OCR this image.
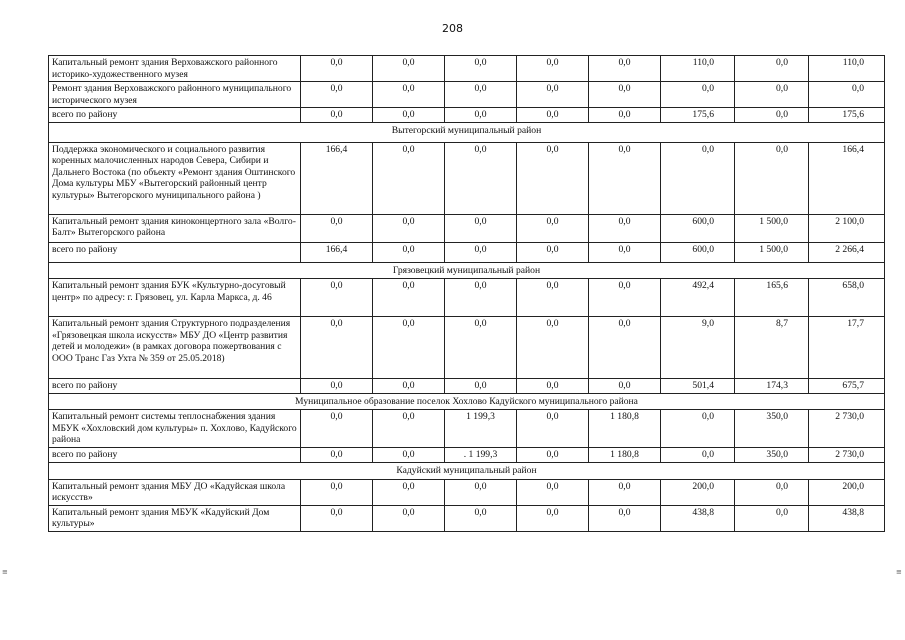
208
Капитальный ремонт здания Верховажского районного историко-художественного музея	0,0	0,0	0,0	0,0	0,0	110,0	0,0	110,0
Ремонт здания Верховажского районного муниципального исторического музея	0,0	0,0	0,0	0,0	0,0	0,0	0,0	0,0
всего по району	0,0	0,0	0,0	0,0	0,0	175,6	0,0	175,6
Вытегорский муниципальный район								
Поддержка экономического и социального развития коренных малочисленных народов Севера, Сибири и Дальнего Востока (по объекту «Ремонт здания Оштинского Дома культуры МБУ «Вытегорский районный центр культуры» Вытегорского муниципального района )	166,4	0,0	0,0	0,0	0,0	0,0	0,0	166,4
Капитальный ремонт здания киноконцертного зала «Волго-Балт» Вытегорского района	0,0	0,0	0,0	0,0	0,0	600,0	1 500,0	2 100,0
всего по району	166,4	0,0	0,0	0,0	0,0	600,0	1 500,0	2 266,4
Грязовецкий муниципальный район								
Капитальный ремонт здания БУК «Культурно-досуговый центр» по адресу: г. Грязовец, ул. Карла Маркса, д. 46	0,0	0,0	0,0	0,0	0,0	492,4	165,6	658,0
Капитальный ремонт здания Структурного подразделения «Грязовецкая школа искусств» МБУ ДО «Центр развития детей и молодежи» (в рамках договора пожертвования с ООО Транс Газ Ухта № 359 от 25.05.2018)	0,0	0,0	0,0	0,0	0,0	9,0	8,7	17,7
всего по району	0,0	0,0	0,0	0,0	0,0	501,4	174,3	675,7
Муниципальное образование поселок Хохлово Кадуйского муниципального района								
Капитальный ремонт системы теплоснабжения здания МБУК «Хохловский дом культуры» п. Хохлово, Кадуйского района	0,0	0,0	1 199,3	0,0	1 180,8	0,0	350,0	2 730,0
всего по району	0,0	0,0	. 1 199,3	0,0	1 180,8	0,0	350,0	2 730,0
Кадуйский муниципальный район								
Капитальный ремонт здания МБУ ДО «Кадуйская школа искусств»	0,0	0,0	0,0	0,0	0,0	200,0	0,0	200,0
Капитальный ремонт здания МБУК «Кадуйский Дом культуры»	0,0	0,0	0,0	0,0	0,0	438,8	0,0	438,8
≡	≡
